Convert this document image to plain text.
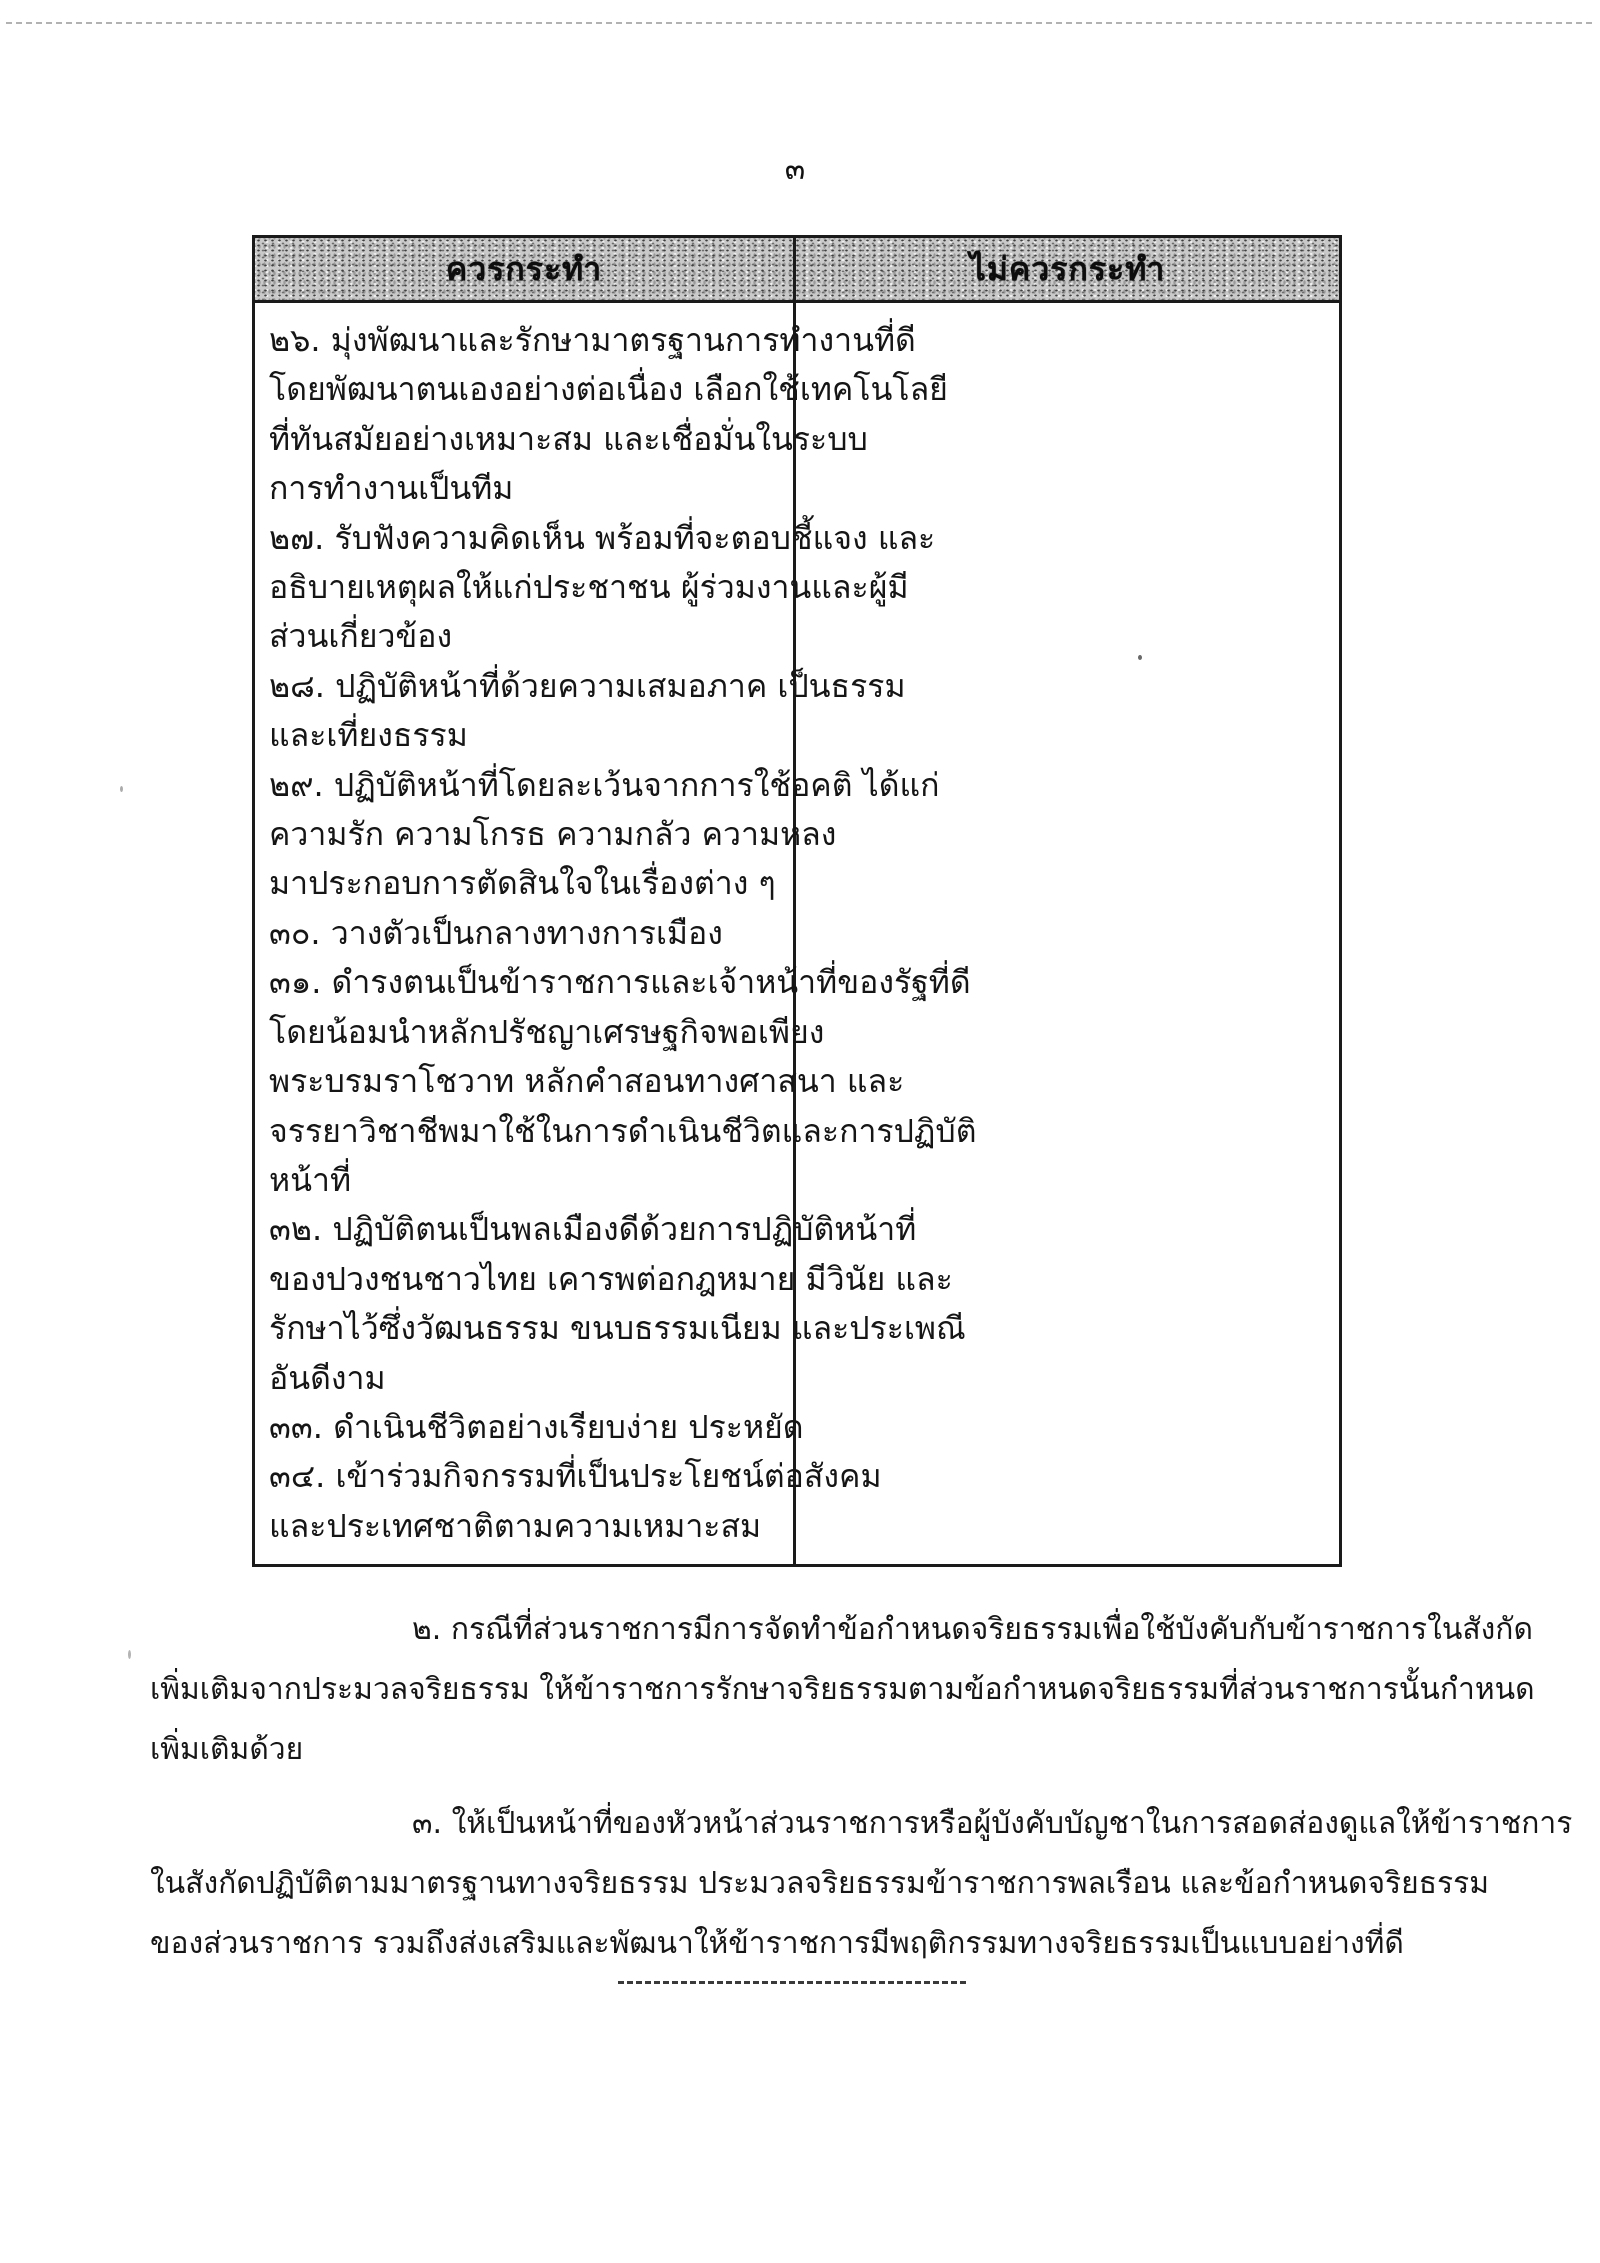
๓
ควรกระทำ	ไม่ควรกระทำ
๒๖. มุ่งพัฒนาและรักษามาตรฐานการทำงานที่ดี
โดยพัฒนาตนเองอย่างต่อเนื่อง เลือกใช้เทคโนโลยี
ที่ทันสมัยอย่างเหมาะสม และเชื่อมั่นในระบบ
การทำงานเป็นทีม
๒๗. รับฟังความคิดเห็น พร้อมที่จะตอบชี้แจง และ
อธิบายเหตุผลให้แก่ประชาชน ผู้ร่วมงานและผู้มี
ส่วนเกี่ยวข้อง
๒๘. ปฏิบัติหน้าที่ด้วยความเสมอภาค เป็นธรรม
และเที่ยงธรรม
๒๙. ปฏิบัติหน้าที่โดยละเว้นจากการใช้อคติ ได้แก่
ความรัก ความโกรธ ความกลัว ความหลง
มาประกอบการตัดสินใจในเรื่องต่าง ๆ
๓๐. วางตัวเป็นกลางทางการเมือง
๓๑. ดำรงตนเป็นข้าราชการและเจ้าหน้าที่ของรัฐที่ดี
โดยน้อมนำหลักปรัชญาเศรษฐกิจพอเพียง
พระบรมราโชวาท หลักคำสอนทางศาสนา และ
จรรยาวิชาชีพมาใช้ในการดำเนินชีวิตและการปฏิบัติ
หน้าที่
๓๒. ปฏิบัติตนเป็นพลเมืองดีด้วยการปฏิบัติหน้าที่
ของปวงชนชาวไทย เคารพต่อกฎหมาย มีวินัย และ
รักษาไว้ซึ่งวัฒนธรรม ขนบธรรมเนียม และประเพณี
อันดีงาม
๓๓. ดำเนินชีวิตอย่างเรียบง่าย ประหยัด
๓๔. เข้าร่วมกิจกรรมที่เป็นประโยชน์ต่อสังคม
และประเทศชาติตามความเหมาะสม
๒. กรณีที่ส่วนราชการมีการจัดทำข้อกำหนดจริยธรรมเพื่อใช้บังคับกับข้าราชการในสังกัด
เพิ่มเติมจากประมวลจริยธรรม ให้ข้าราชการรักษาจริยธรรมตามข้อกำหนดจริยธรรมที่ส่วนราชการนั้นกำหนด
เพิ่มเติมด้วย
๓. ให้เป็นหน้าที่ของหัวหน้าส่วนราชการหรือผู้บังคับบัญชาในการสอดส่องดูแลให้ข้าราชการ
ในสังกัดปฏิบัติตามมาตรฐานทางจริยธรรม ประมวลจริยธรรมข้าราชการพลเรือน และข้อกำหนดจริยธรรม
ของส่วนราชการ รวมถึงส่งเสริมและพัฒนาให้ข้าราชการมีพฤติกรรมทางจริยธรรมเป็นแบบอย่างที่ดี
